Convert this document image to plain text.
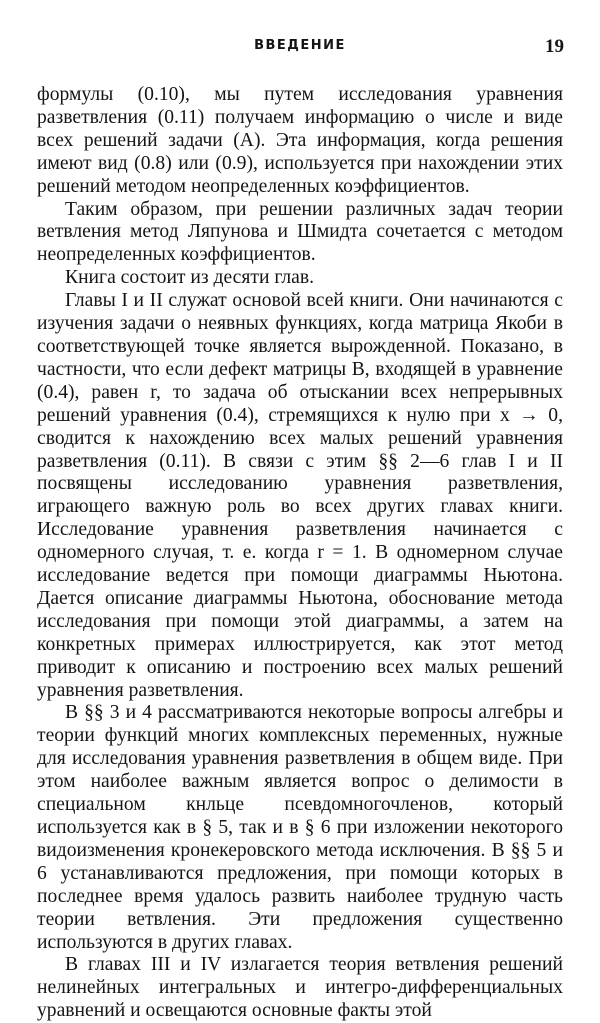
ВВЕДЕНИЕ	19

формулы (0.10), мы путем исследования уравнения разветвления (0.11) получаем информацию о числе и виде всех решений задачи (A). Эта информация, когда решения имеют вид (0.8) или (0.9), используется при нахождении этих решений методом неопределенных коэффициентов.

Таким образом, при решении различных задач теории ветвления метод Ляпунова и Шмидта сочетается с методом неопределенных коэффициентов.

Книга состоит из десяти глав.

Главы I и II служат основой всей книги. Они начинаются с изучения задачи о неявных функциях, когда матрица Якоби в соответствующей точке является вырожденной. Показано, в частности, что если дефект матрицы B, входящей в уравнение (0.4), равен r, то задача об отыскании всех непрерывных решений уравнения (0.4), стремящихся к нулю при x → 0, сводится к нахождению всех малых решений уравнения разветвления (0.11). В связи с этим §§ 2—6 глав I и II посвящены исследованию уравнения разветвления, играющего важную роль во всех других главах книги. Исследование уравнения разветвления начинается с одномерного случая, т. е. когда r = 1. В одномерном случае исследование ведется при помощи диаграммы Ньютона. Дается описание диаграммы Ньютона, обоснование метода исследования при помощи этой диаграммы, а затем на конкретных примерах иллюстрируется, как этот метод приводит к описанию и построению всех малых решений уравнения разветвления.

В §§ 3 и 4 рассматриваются некоторые вопросы алгебры и теории функций многих комплексных переменных, нужные для исследования уравнения разветвления в общем виде. При этом наиболее важным является вопрос о делимости в специальном кнльце псевдомногочленов, который используется как в § 5, так и в § 6 при изложении некоторого видоизменения кронекеровского метода исключения. В §§ 5 и 6 устанавливаются предложения, при помощи которых в последнее время удалось развить наиболее трудную часть теории ветвления. Эти предложения существенно используются в других главах.

В главах III и IV излагается теория ветвления решений нелинейных интегральных и интегро-дифференциальных уравнений и освещаются основные факты этой
